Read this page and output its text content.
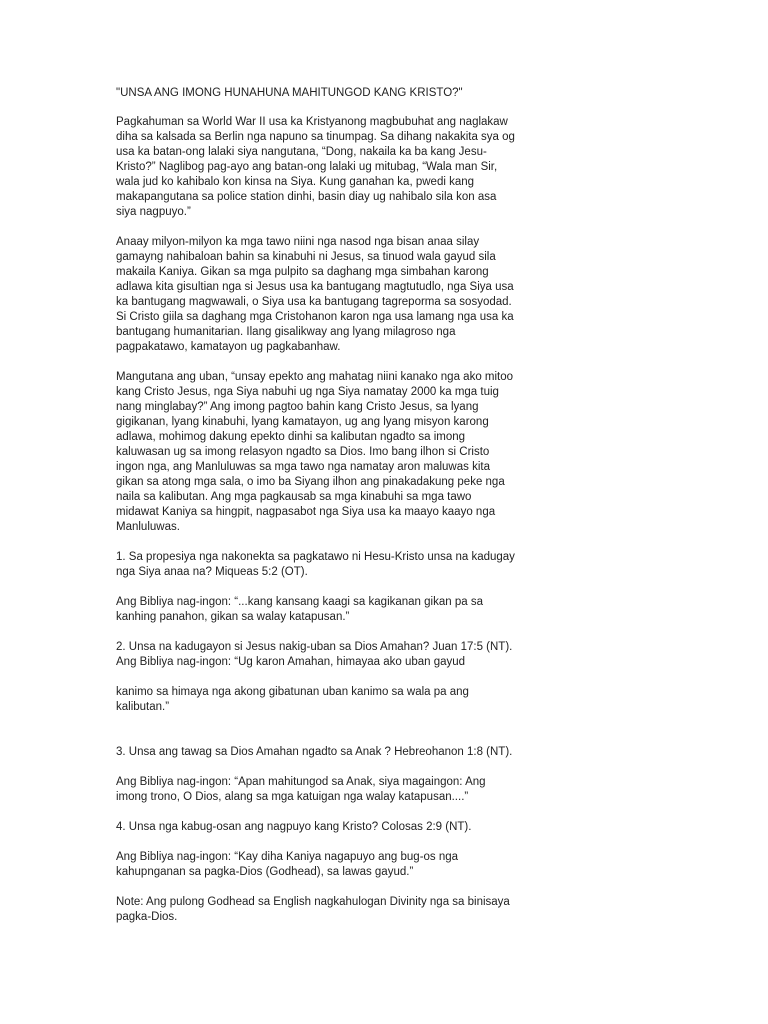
"UNSA ANG IMONG HUNAHUNA MAHITUNGOD KANG KRISTO?"

Pagkahuman sa World War II usa ka Kristyanong magbubuhat ang naglakaw diha sa kalsada sa Berlin nga napuno sa tinumpag. Sa dihang nakakita sya og usa ka batan-ong lalaki siya nangutana, “Dong, nakaila ka ba kang Jesu-Kristo?” Naglibog pag-ayo ang batan-ong lalaki ug mitubag, “Wala man Sir, wala jud ko kahibalo kon kinsa na Siya. Kung ganahan ka, pwedi kang makapangutana sa police station dinhi, basin diay ug nahibalo sila kon asa siya nagpuyo.”

Anaay milyon-milyon ka mga tawo niini nga nasod nga bisan anaa silay gamayng nahibaloan bahin sa kinabuhi ni Jesus, sa tinuod wala gayud sila makaila Kaniya. Gikan sa mga pulpito sa daghang mga simbahan karong adlawa kita gisultian nga si Jesus usa ka bantugang magtutudlo, nga Siya usa ka bantugang magwawali, o Siya usa ka bantugang tagreporma sa sosyodad. Si Cristo giila sa daghang mga Cristohanon karon nga usa lamang nga usa ka bantugang humanitarian. Ilang gisalikway ang lyang milagroso nga pagpakatawo, kamatayon ug pagkabanhaw.

Mangutana ang uban, “unsay epekto ang mahatag niini kanako nga ako mitoo kang Cristo Jesus, nga Siya nabuhi ug nga Siya namatay 2000 ka mga tuig nang minglabay?” Ang imong pagtoo bahin kang Cristo Jesus, sa lyang gigikanan, lyang kinabuhi, lyang kamatayon, ug ang lyang misyon karong adlawa, mohimog dakung epekto dinhi sa kalibutan ngadto sa imong kaluwasan ug sa imong relasyon ngadto sa Dios. Imo bang ilhon si Cristo ingon nga, ang Manluluwas sa mga tawo nga namatay aron maluwas kita gikan sa atong mga sala, o imo ba Siyang ilhon ang pinakadakung peke nga naila sa kalibutan. Ang mga pagkausab sa mga kinabuhi sa mga tawo midawat Kaniya sa hingpit, nagpasabot nga Siya usa ka maayo kaayo nga Manluluwas.

1. Sa propesiya nga nakonekta sa pagkatawo ni Hesu-Kristo unsa na kadugay nga Siya anaa na? Miqueas 5:2 (OT).

Ang Bibliya nag-ingon: “...kang kansang kaagi sa kagikanan gikan pa sa kanhing panahon, gikan sa walay katapusan.”

2. Unsa na kadugayon si Jesus nakig-uban sa Dios Amahan? Juan 17:5 (NT). Ang Bibliya nag-ingon: “Ug karon Amahan, himayaa ako uban gayud

kanimo sa himaya nga akong gibatunan uban kanimo sa wala pa ang kalibutan.”

3. Unsa ang tawag sa Dios Amahan ngadto sa Anak ? Hebreohanon 1:8 (NT).

Ang Bibliya nag-ingon: “Apan mahitungod sa Anak, siya magaingon: Ang imong trono, O Dios, alang sa mga katuigan nga walay katapusan....”

4. Unsa nga kabug-osan ang nagpuyo kang Kristo? Colosas 2:9 (NT).

Ang Bibliya nag-ingon: “Kay diha Kaniya nagapuyo ang bug-os nga kahupnganan sa pagka-Dios (Godhead), sa lawas gayud.”

Note: Ang pulong Godhead sa English nagkahulogan Divinity nga sa binisaya pagka-Dios.
